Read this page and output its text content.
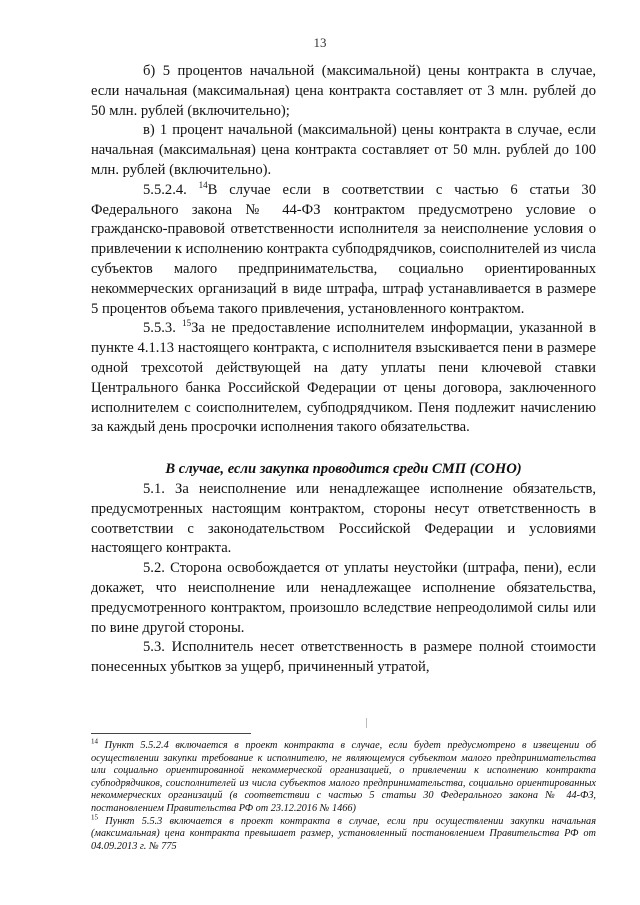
13

б) 5 процентов начальной (максимальной) цены контракта в случае, если начальная (максимальная) цена контракта составляет от 3 млн. рублей до 50 млн. рублей (включительно);

в) 1 процент начальной (максимальной) цены контракта в случае, если начальная (максимальная) цена контракта составляет от 50 млн. рублей до 100 млн. рублей (включительно).

5.5.2.4. $^{14}$В случае если в соответствии с частью 6 статьи 30 Федерального закона № 44-ФЗ контрактом предусмотрено условие о гражданско-правовой ответственности исполнителя за неисполнение условия о привлечении к исполнению контракта субподрядчиков, соисполнителей из числа субъектов малого предпринимательства, социально ориентированных некоммерческих организаций в виде штрафа, штраф устанавливается в размере 5 процентов объема такого привлечения, установленного контрактом.

5.5.3. $^{15}$За не предоставление исполнителем информации, указанной в пункте 4.1.13 настоящего контракта, с исполнителя взыскивается пени в размере одной трехсотой действующей на дату уплаты пени ключевой ставки Центрального банка Российской Федерации от цены договора, заключенного исполнителем с соисполнителем, субподрядчиком. Пеня подлежит начислению за каждый день просрочки исполнения такого обязательства.

В случае, если закупка проводится среди СМП (СОНО)

5.1. За неисполнение или ненадлежащее исполнение обязательств, предусмотренных настоящим контрактом, стороны несут ответственность в соответствии с законодательством Российской Федерации и условиями настоящего контракта.

5.2. Сторона освобождается от уплаты неустойки (штрафа, пени), если докажет, что неисполнение или ненадлежащее исполнение обязательства, предусмотренного контрактом, произошло вследствие непреодолимой силы или по вине другой стороны.

5.3. Исполнитель несет ответственность в размере полной стоимости понесенных убытков за ущерб, причиненный утратой,

$^{14}$ Пункт 5.5.2.4 включается в проект контракта в случае, если будет предусмотрено в извещении об осуществлении закупки требование к исполнителю, не являющемуся субъектом малого предпринимательства или социально ориентированной некоммерческой организацией, о привлечении к исполнению контракта субподрядчиков, соисполнителей из числа субъектов малого предпринимательства, социально ориентированных некоммерческих организаций (в соответствии с частью 5 статьи 30 Федерального закона № 44-ФЗ, постановлением Правительства РФ от 23.12.2016 № 1466)

$^{15}$ Пункт 5.5.3 включается в проект контракта в случае, если при осуществлении закупки начальная (максимальная) цена контракта превышает размер, установленный постановлением Правительства РФ от 04.09.2013 г. № 775
